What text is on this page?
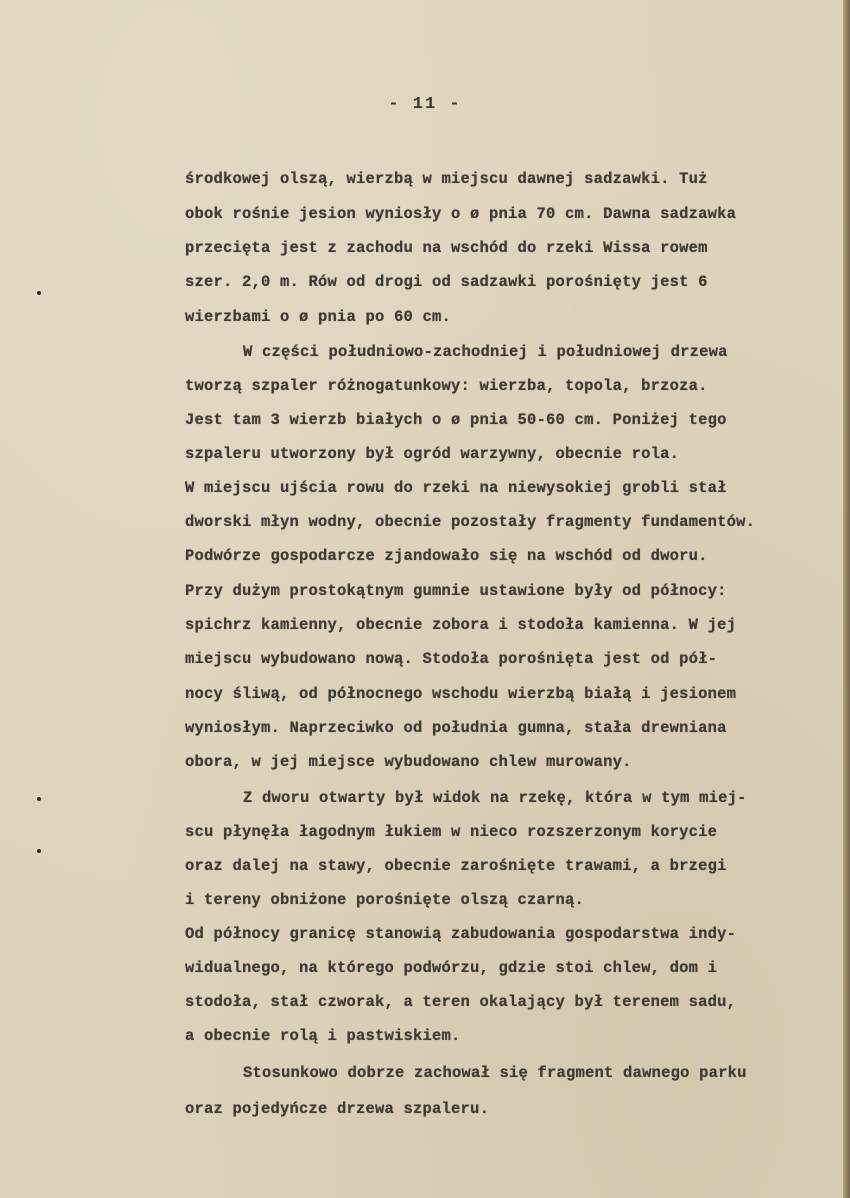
- 11 -
środkowej olszą, wierzbą w miejscu dawnej sadzawki. Tuż
obok rośnie jesion wyniosły o ø pnia 70 cm. Dawna sadzawka
przecięta jest z zachodu na wschód do rzeki Wissa rowem
szer. 2,0 m. Rów od drogi od sadzawki porośnięty jest 6
wierzbami o ø pnia po 60 cm.
W części południowo-zachodniej i południowej drzewa
tworzą szpaler różnogatunkowy: wierzba, topola, brzoza.
Jest tam 3 wierzb białych o ø pnia 50-60 cm. Poniżej tego
szpaleru utworzony był ogród warzywny, obecnie rola.
W miejscu ujścia rowu do rzeki na niewysokiej grobli stał
dworski młyn wodny, obecnie pozostały fragmenty fundamentów.
Podwórze gospodarcze zjandowało się na wschód od dworu.
Przy dużym prostokątnym gumnie ustawione były od północy:
spichrz kamienny, obecnie zobora i stodoła kamienna. W jej
miejscu wybudowano nową. Stodoła porośnięta jest od pół-
nocy śliwą, od północnego wschodu wierzbą białą i jesionem
wyniosłym. Naprzeciwko od południa gumna, stała drewniana
obora, w jej miejsce wybudowano chlew murowany.
Z dworu otwarty był widok na rzekę, która w tym miej-
scu płynęła łagodnym łukiem w nieco rozszerzonym korycie
oraz dalej na stawy, obecnie zarośnięte trawami, a brzegi
i tereny obniżone porośnięte olszą czarną.
Od północy granicę stanowią zabudowania gospodarstwa indy-
widualnego, na którego podwórzu, gdzie stoi chlew, dom i
stodoła, stał czworak, a teren okalający był terenem sadu,
a obecnie rolą i pastwiskiem.
Stosunkowo dobrze zachował się fragment dawnego parku
oraz pojedyńcze drzewa szpaleru.
